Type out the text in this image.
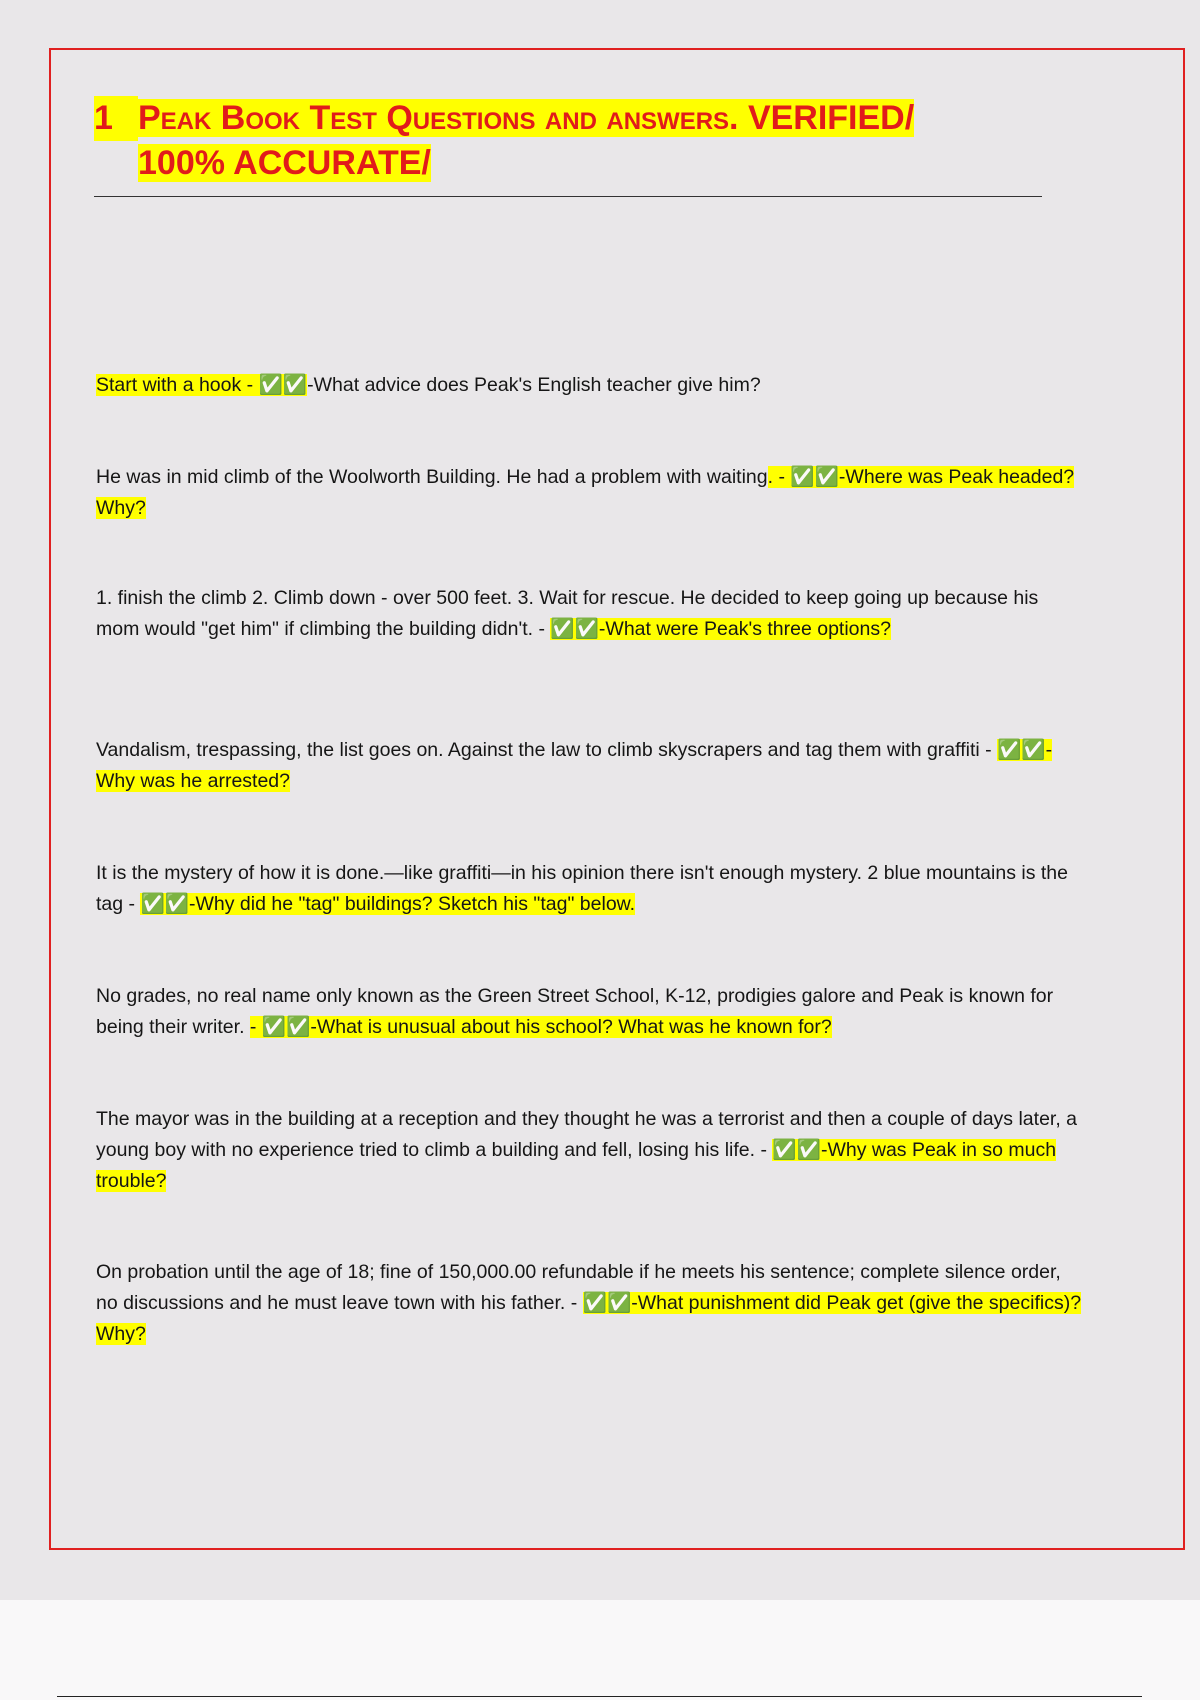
1 Peak Book Test Questions and answers. VERIFIED/
100% ACCURATE/

Start with a hook - ✅✅-What advice does Peak's English teacher give him?

He was in mid climb of the Woolworth Building. He had a problem with waiting. - ✅✅-Where was Peak headed? Why?

1. finish the climb 2. Climb down - over 500 feet. 3. Wait for rescue. He decided to keep going up because his mom would "get him" if climbing the building didn't. - ✅✅-What were Peak's three options?

Vandalism, trespassing, the list goes on. Against the law to climb skyscrapers and tag them with graffiti - ✅✅-Why was he arrested?

It is the mystery of how it is done.—like graffiti—in his opinion there isn't enough mystery. 2 blue mountains is the tag - ✅✅-Why did he "tag" buildings? Sketch his "tag" below.

No grades, no real name only known as the Green Street School, K-12, prodigies galore and Peak is known for being their writer. - ✅✅-What is unusual about his school? What was he known for?

The mayor was in the building at a reception and they thought he was a terrorist and then a couple of days later, a young boy with no experience tried to climb a building and fell, losing his life. - ✅✅-Why was Peak in so much trouble?

On probation until the age of 18; fine of 150,000.00 refundable if he meets his sentence; complete silence order, no discussions and he must leave town with his father. - ✅✅-What punishment did Peak get (give the specifics)? Why?
